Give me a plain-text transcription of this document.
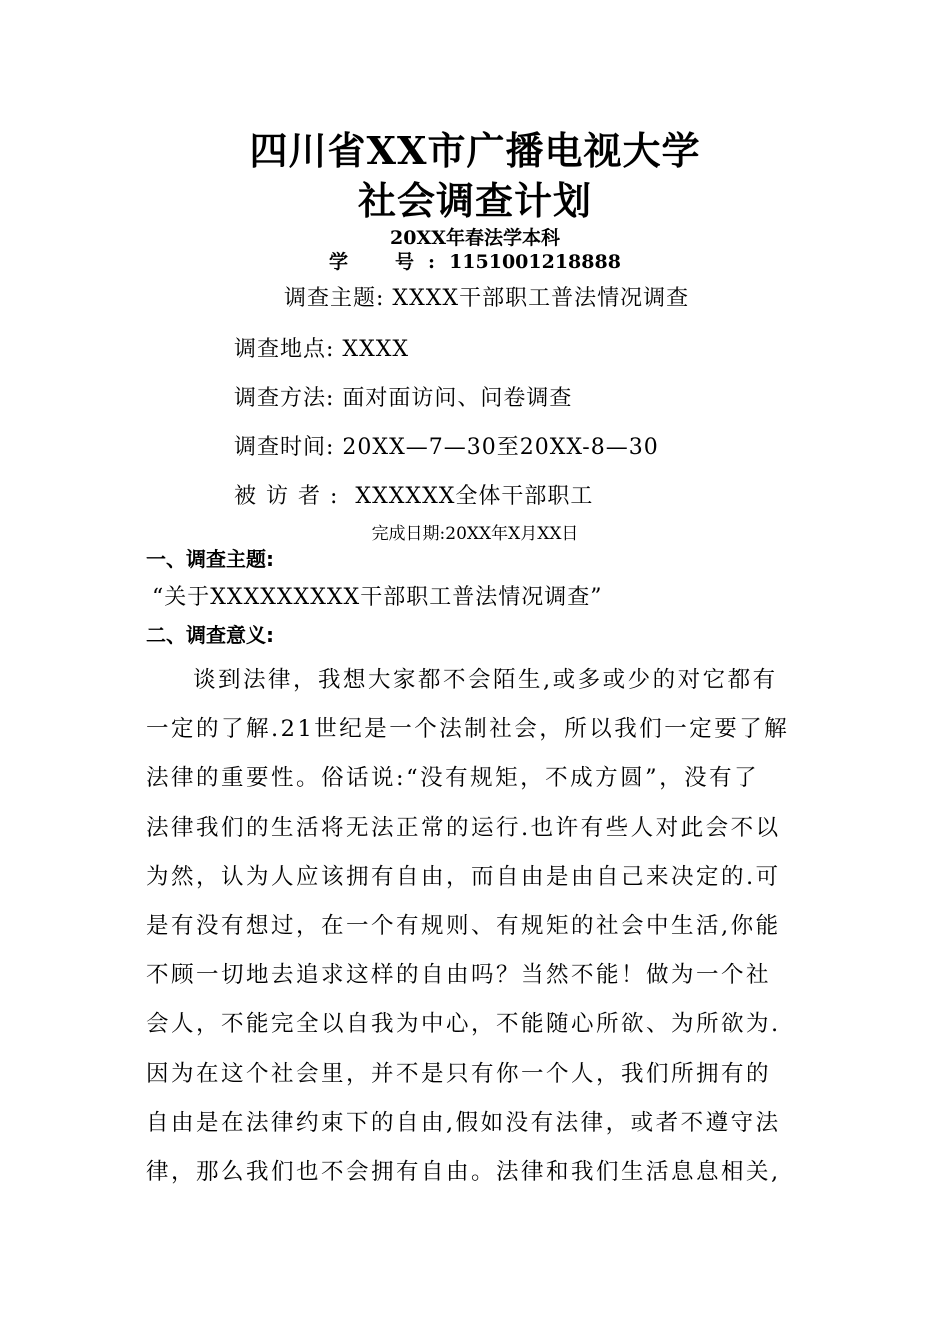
四川省XX市广播电视大学
社会调查计划
20XX年春法学本科
学　号:1151001218888
调查主题: XXXX干部职工普法情况调查
调查地点: XXXX
调查方法: 面对面访问、问卷调查
调查时间: 20XX—7—30至20XX-8—30
被访者: XXXXXX全体干部职工
完成日期:20XX年X月XX日
一、调查主题:
“关于XXXXXXXXX干部职工普法情况调查”
二、调查意义:
谈到法律，我想大家都不会陌生,或多或少的对它都有
一定的了解.21世纪是一个法制社会，所以我们一定要了解
法律的重要性。俗话说:“没有规矩，不成方圆”，没有了
法律我们的生活将无法正常的运行.也许有些人对此会不以
为然，认为人应该拥有自由，而自由是由自己来决定的.可
是有没有想过，在一个有规则、有规矩的社会中生活,你能
不顾一切地去追求这样的自由吗？当然不能！做为一个社
会人，不能完全以自我为中心，不能随心所欲、为所欲为.
因为在这个社会里，并不是只有你一个人，我们所拥有的
自由是在法律约束下的自由,假如没有法律，或者不遵守法
律，那么我们也不会拥有自由。法律和我们生活息息相关,
